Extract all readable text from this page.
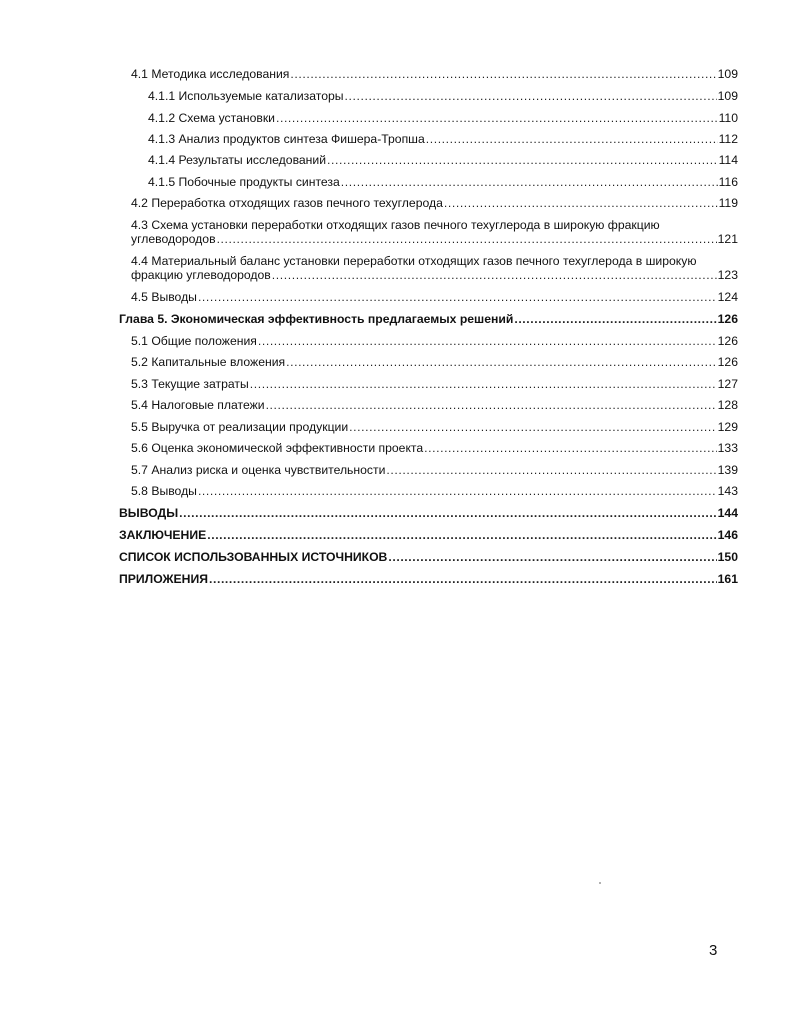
4.1 Методика исследования .....	109
4.1.1 Используемые катализаторы .....	109
4.1.2 Схема установки .....	110
4.1.3 Анализ продуктов синтеза Фишера-Тропша .....	112
4.1.4 Результаты исследований .....	114
4.1.5 Побочные продукты синтеза .....	116
4.2 Переработка отходящих газов печного техуглерода .....	119
4.3 Схема установки переработки отходящих газов печного техуглерода в широкую фракцию
углеводородов .....	121
4.4 Материальный баланс установки переработки отходящих газов печного техуглерода в широкую
фракцию углеводородов .....	123
4.5 Выводы .....	124
Глава 5. Экономическая эффективность предлагаемых решений .....	126
5.1 Общие положения .....	126
5.2 Капитальные вложения .....	126
5.3 Текущие затраты .....	127
5.4 Налоговые платежи .....	128
5.5 Выручка от реализации продукции .....	129
5.6 Оценка экономической эффективности проекта .....	133
5.7 Анализ риска и оценка чувствительности .....	139
5.8 Выводы .....	143
ВЫВОДЫ .....	144
ЗАКЛЮЧЕНИЕ .....	146
СПИСОК ИСПОЛЬЗОВАННЫХ ИСТОЧНИКОВ .....	150
ПРИЛОЖЕНИЯ .....	161
3
